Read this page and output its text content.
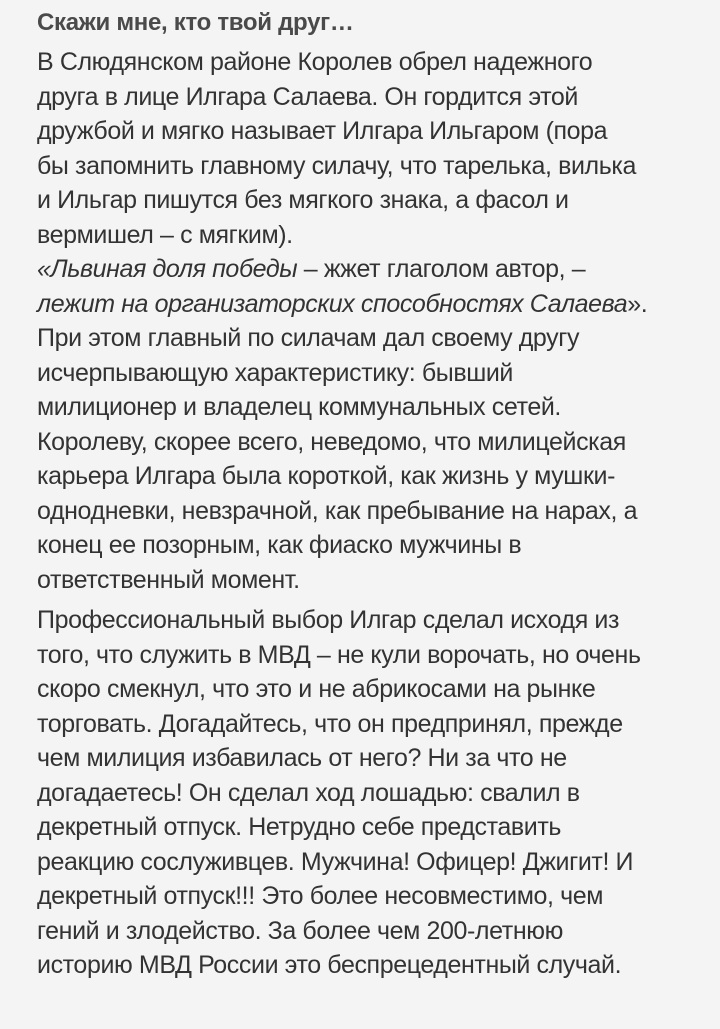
Скажи мне, кто твой друг…
В Слюдянском районе Королев обрел надежного
друга в лице Илгара Салаева. Он гордится этой
дружбой и мягко называет Илгара Ильгаром (пора
бы запомнить главному силачу, что тарелька, вилька
и Ильгар пишутся без мягкого знака, а фасол и
вермишел – с мягким).
«Львиная доля победы – жжет глаголом автор, –
лежит на организаторских способностях Салаева».
При этом главный по силачам дал своему другу
исчерпывающую характеристику: бывший
милиционер и владелец коммунальных сетей.
Королеву, скорее всего, неведомо, что милицейская
карьера Илгара была короткой, как жизнь у мушки-
однодневки, невзрачной, как пребывание на нарах, а
конец ее позорным, как фиаско мужчины в
ответственный момент.
Профессиональный выбор Илгар сделал исходя из
того, что служить в МВД – не кули ворочать, но очень
скоро смекнул, что это и не абрикосами на рынке
торговать. Догадайтесь, что он предпринял, прежде
чем милиция избавилась от него? Ни за что не
догадаетесь! Он сделал ход лошадью: свалил в
декретный отпуск. Нетрудно себе представить
реакцию сослуживцев. Мужчина! Офицер! Джигит! И
декретный отпуск!!! Это более несовместимо, чем
гений и злодейство. За более чем 200-летнюю
историю МВД России это беспрецедентный случай.
